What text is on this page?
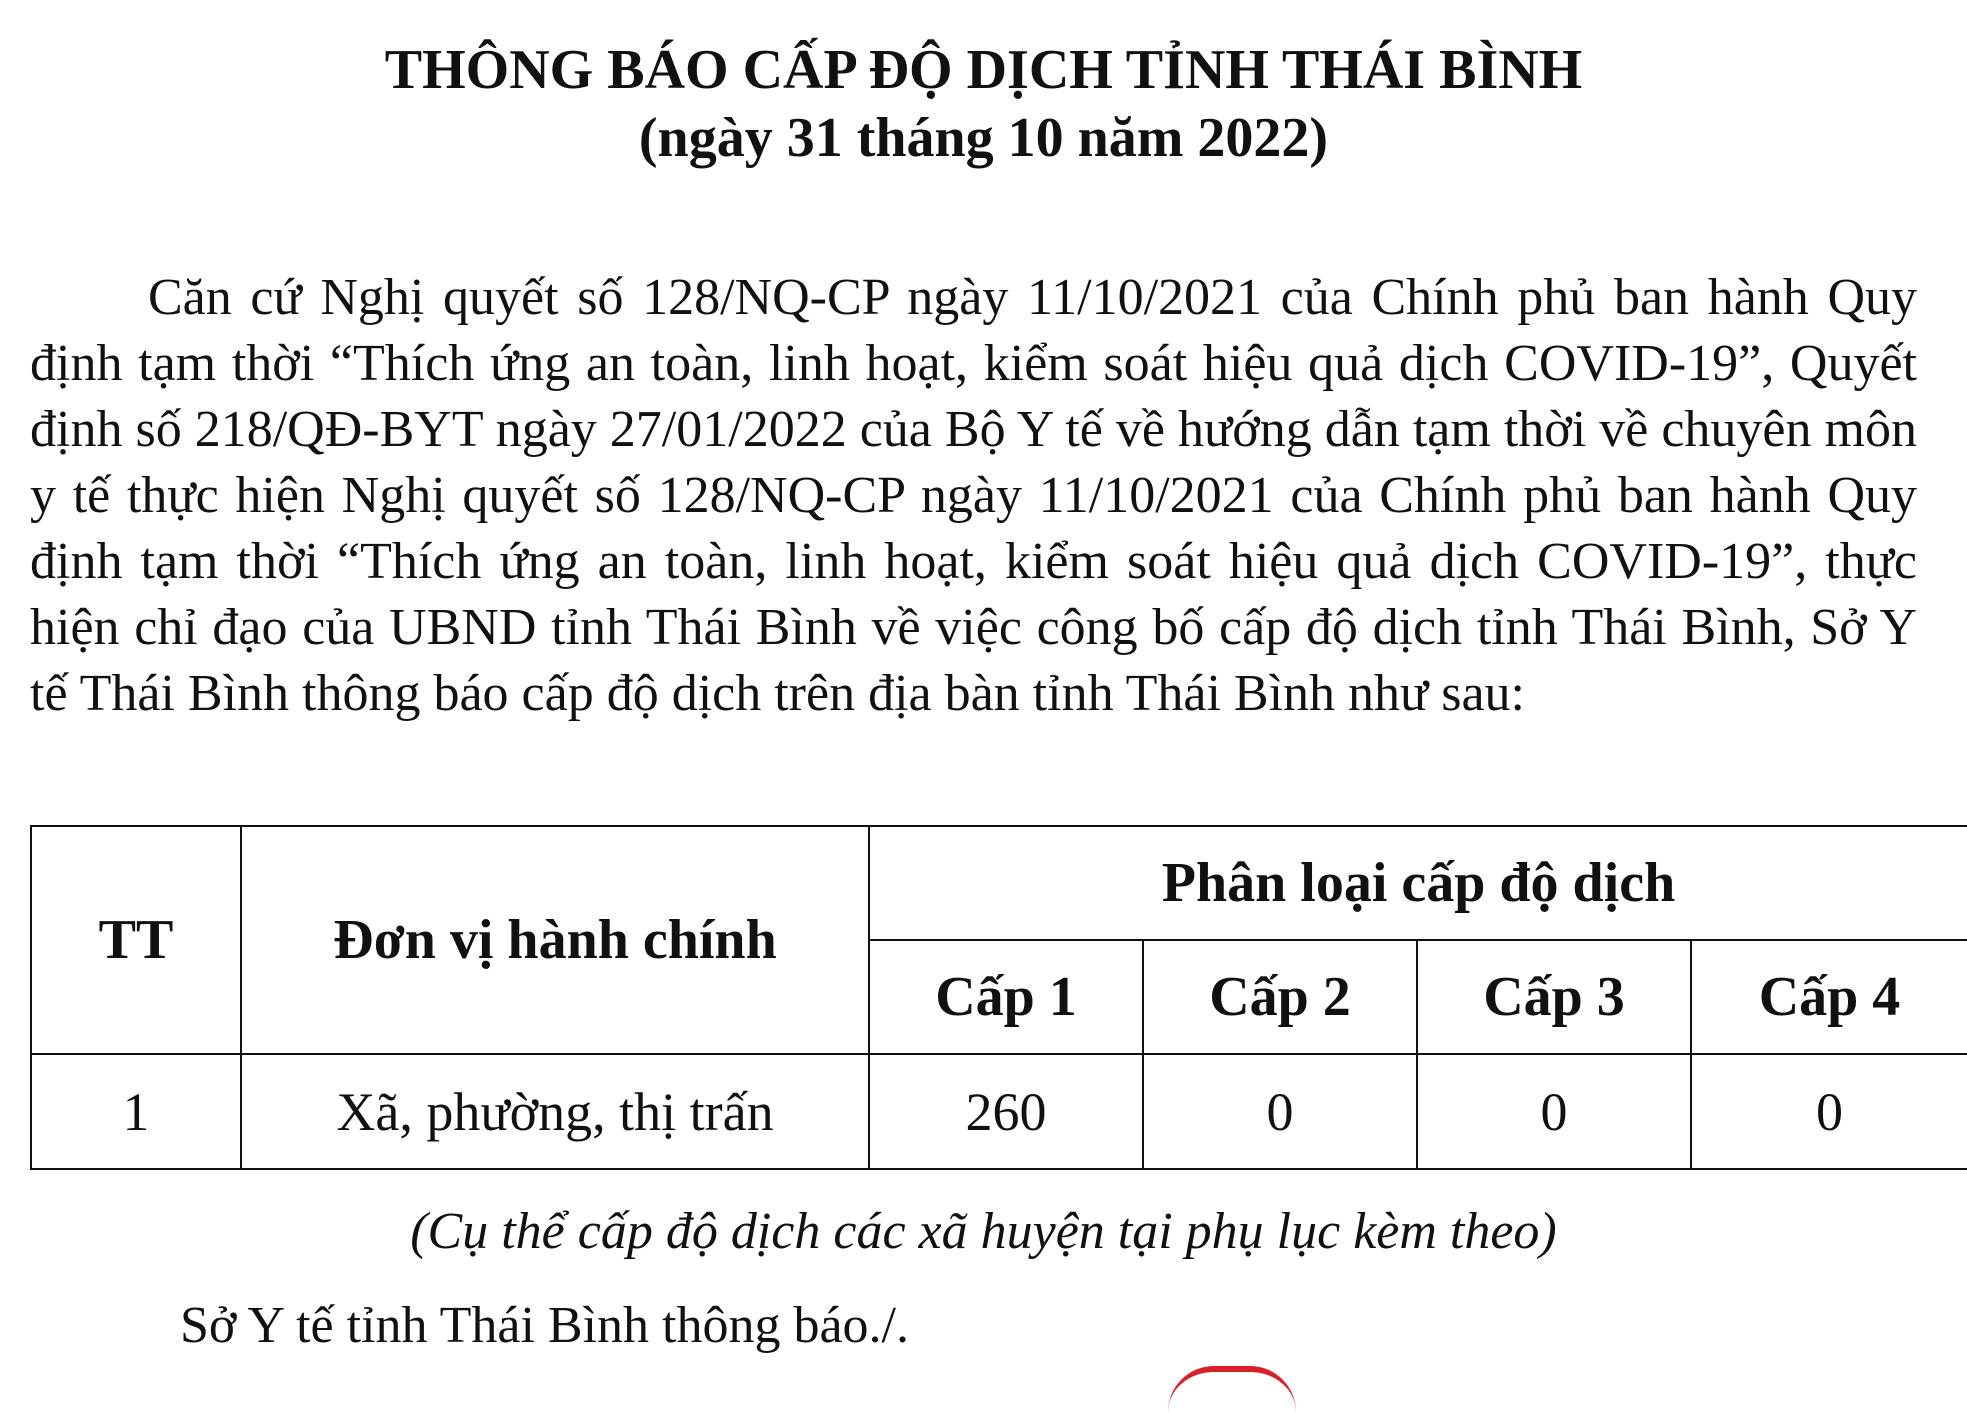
THÔNG BÁO CẤP ĐỘ DỊCH TỈNH THÁI BÌNH
(ngày 31 tháng 10 năm 2022)

Căn cứ Nghị quyết số 128/NQ-CP ngày 11/10/2021 của Chính phủ ban hành Quy định tạm thời “Thích ứng an toàn, linh hoạt, kiểm soát hiệu quả dịch COVID-19”, Quyết định số 218/QĐ-BYT ngày 27/01/2022 của Bộ Y tế về hướng dẫn tạm thời về chuyên môn y tế thực hiện Nghị quyết số 128/NQ-CP ngày 11/10/2021 của Chính phủ ban hành Quy định tạm thời “Thích ứng an toàn, linh hoạt, kiểm soát hiệu quả dịch COVID-19”, thực hiện chỉ đạo của UBND tỉnh Thái Bình về việc công bố cấp độ dịch tỉnh Thái Bình, Sở Y tế Thái Bình thông báo cấp độ dịch trên địa bàn tỉnh Thái Bình như sau:

TT	Đơn vị hành chính	Phân loại cấp độ dịch			
		Cấp 1	Cấp 2	Cấp 3	Cấp 4
1	Xã, phường, thị trấn	260	0	0	0
(Cụ thể cấp độ dịch các xã huyện tại phụ lục kèm theo)
Sở Y tế tỉnh Thái Bình thông báo./.
